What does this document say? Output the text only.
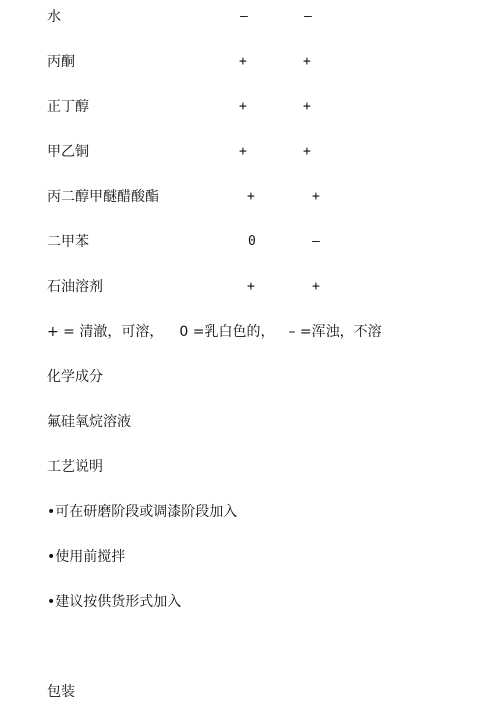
水	–	–
丙酮	+	+
正丁醇	+	+
甲乙铜	+	+
丙二醇甲醚醋酸酯	+	+
二甲苯	0	–
石油溶剂	+	+
+ = 清澈，可溶， 0 =乳白色的， – =浑浊，不溶
化学成分
氟硅氧烷溶液
工艺说明
•可在研磨阶段或调漆阶段加入
•使用前搅拌
•建议按供货形式加入
包装
